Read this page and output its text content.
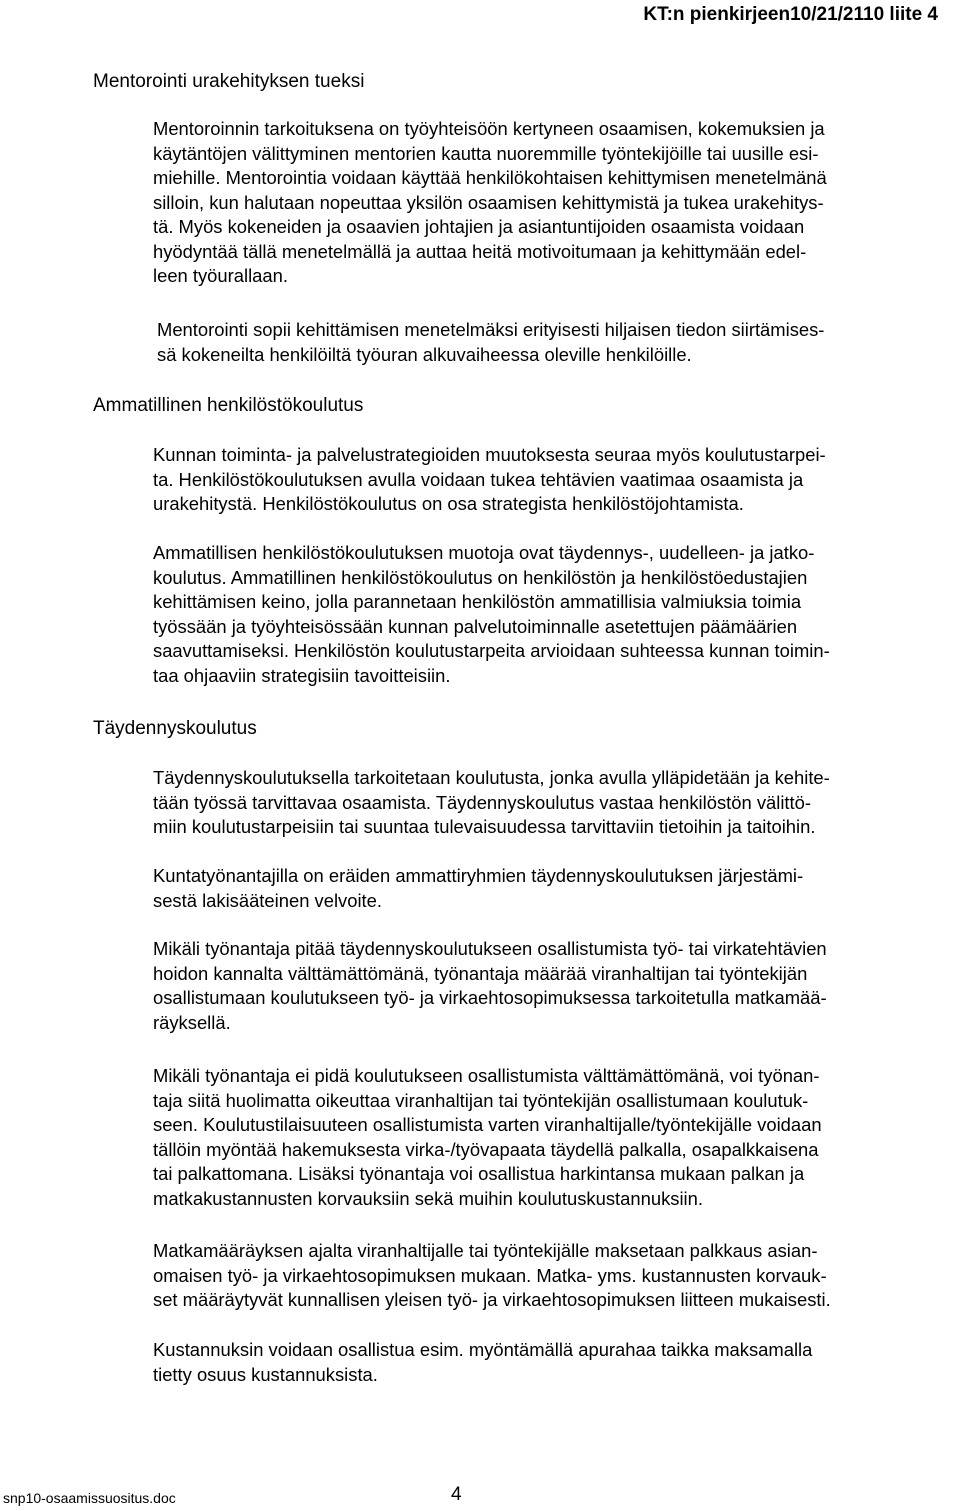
KT:n pienkirjeen10/21/2110 liite 4
Mentorointi urakehityksen tueksi
Mentoroinnin tarkoituksena on työyhteisöön kertyneen osaamisen, kokemuksien ja
käytäntöjen välittyminen mentorien kautta nuoremmille työntekijöille tai uusille esi-
miehille. Mentorointia voidaan käyttää henkilökohtaisen kehittymisen menetelmänä
silloin, kun halutaan nopeuttaa yksilön osaamisen kehittymistä ja tukea urakehitys-
tä. Myös kokeneiden ja osaavien johtajien ja asiantuntijoiden osaamista voidaan
hyödyntää tällä menetelmällä ja auttaa heitä motivoitumaan ja kehittymään edel-
leen työurallaan.
Mentorointi sopii kehittämisen menetelmäksi erityisesti hiljaisen tiedon siirtämises-
sä kokeneilta henkilöiltä työuran alkuvaiheessa oleville henkilöille.
Ammatillinen henkilöstökoulutus
Kunnan toiminta- ja palvelustrategioiden muutoksesta seuraa myös koulutustarpei-
ta. Henkilöstökoulutuksen avulla voidaan tukea tehtävien vaatimaa osaamista ja
urakehitystä. Henkilöstökoulutus on osa strategista henkilöstöjohtamista.
Ammatillisen henkilöstökoulutuksen muotoja ovat täydennys-, uudelleen- ja jatko-
koulutus. Ammatillinen henkilöstökoulutus on henkilöstön ja henkilöstöedustajien
kehittämisen keino, jolla parannetaan henkilöstön ammatillisia valmiuksia toimia
työssään ja työyhteisössään kunnan palvelutoiminnalle asetettujen päämäärien
saavuttamiseksi. Henkilöstön koulutustarpeita arvioidaan suhteessa kunnan toimin-
taa ohjaaviin strategisiin tavoitteisiin.
Täydennyskoulutus
Täydennyskoulutuksella tarkoitetaan koulutusta, jonka avulla ylläpidetään ja kehite-
tään työssä tarvittavaa osaamista. Täydennyskoulutus vastaa henkilöstön välittö-
miin koulutustarpeisiin tai suuntaa tulevaisuudessa tarvittaviin tietoihin ja taitoihin.
Kuntatyönantajilla on eräiden ammattiryhmien täydennyskoulutuksen järjestämi-
sestä lakisääteinen velvoite.
Mikäli työnantaja pitää täydennyskoulutukseen osallistumista työ- tai virkatehtävien
hoidon kannalta välttämättömänä, työnantaja määrää viranhaltijan tai työntekijän
osallistumaan koulutukseen työ- ja virkaehtosopimuksessa tarkoitetulla matkamää-
räyksellä.
Mikäli työnantaja ei pidä koulutukseen osallistumista välttämättömänä, voi työnan-
taja siitä huolimatta oikeuttaa viranhaltijan tai työntekijän osallistumaan koulutuk-
seen. Koulutustilaisuuteen osallistumista varten viranhaltijalle/työntekijälle voidaan
tällöin myöntää hakemuksesta virka-/työvapaata täydellä palkalla, osapalkkaisena
tai palkattomana. Lisäksi työnantaja voi osallistua harkintansa mukaan palkan ja
matkakustannusten korvauksiin sekä muihin koulutuskustannuksiin.
Matkamääräyksen ajalta viranhaltijalle tai työntekijälle maksetaan palkkaus asian-
omaisen työ- ja virkaehtosopimuksen mukaan. Matka- yms. kustannusten korvauk-
set määräytyvät kunnallisen yleisen työ- ja virkaehtosopimuksen liitteen mukaisesti.
Kustannuksin voidaan osallistua esim. myöntämällä apurahaa taikka maksamalla
tietty osuus kustannuksista.
snp10-osaamissuositus.doc	4
